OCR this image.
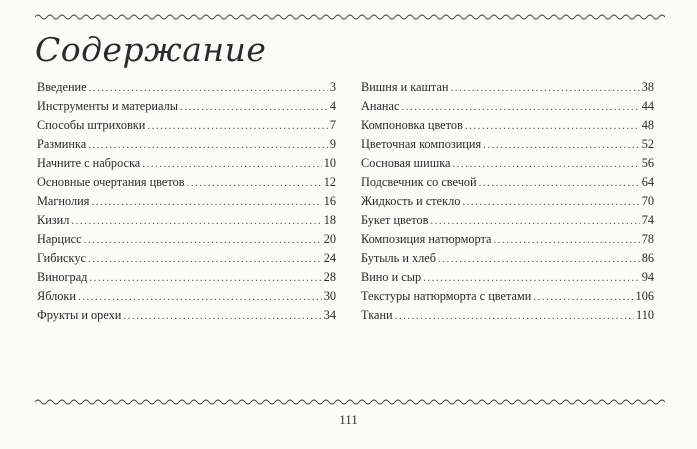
Содержание
Введение .....	3
Инструменты и материалы .....	4
Способы штриховки .....	7
Разминка .....	9
Начните с наброска .....	10
Основные очертания цветов .....	12
Магнолия .....	16
Кизил .....	18
Нарцисс .....	20
Гибискус .....	24
Виноград .....	28
Яблоки .....	30
Фрукты и орехи .....	34
Вишня и каштан .....	38
Ананас .....	44
Компоновка цветов .....	48
Цветочная композиция .....	52
Сосновая шишка .....	56
Подсвечник со свечой .....	64
Жидкость и стекло .....	70
Букет цветов .....	74
Композиция натюрморта .....	78
Бутыль и хлеб .....	86
Вино и сыр .....	94
Текстуры натюрморта с цветами .....	106
Ткани .....	110
111
